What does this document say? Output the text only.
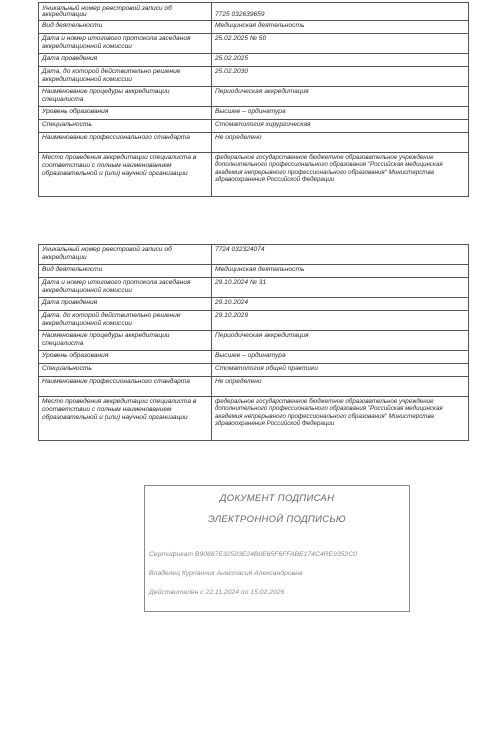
Уникальный номер реестровой записи об аккредитации	7725 032639659
Вид деятельности	Медицинская деятельность
Дата и номер итогового протокола заседания аккредитационной комиссии	25.02.2025 № 50
Дата проведения	25.02.2025
Дата, до которой действительно решение аккредитационной комиссии	25.02.2030
Наименование процедуры аккредитации специалиста	Периодическая аккредитация
Уровень образования	Высшее – ординатура
Специальность	Стоматология хирургическая
Наименование профессионального стандарта	Не определено
Место проведения аккредитации специалиста в соответствии с полным наименованием образовательной и (или) научной организации	федеральное государственное бюджетное образовательное учреждение дополнительного профессионального образования "Российская медицинская академия непрерывного профессионального образования" Министерства здравоохранения Российской Федерации
Уникальный номер реестровой записи об аккредитации	7724 032324074
Вид деятельности	Медицинская деятельность
Дата и номер итогового протокола заседания аккредитационной комиссии	29.10.2024 № 31
Дата проведения	29.10.2024
Дата, до которой действительно решение аккредитационной комиссии	29.10.2029
Наименование процедуры аккредитации специалиста	Периодическая аккредитация
Уровень образования	Высшее – ординатура
Специальность	Стоматология общей практики
Наименование профессионального стандарта	Не определено
Место проведения аккредитации специалиста в соответствии с полным наименованием образовательной и (или) научной организации	федеральное государственное бюджетное образовательное учреждение дополнительного профессионального образования "Российская медицинская академия непрерывного профессионального образования" Министерства здравоохранения Российской Федерации
ДОКУМЕНТ ПОДПИСАН
ЭЛЕКТРОННОЙ ПОДПИСЬЮ
Сертификат B90687E32523E24B0E65F6FFABE174C4RE9352C0
Владелец Курпанчик Анастасия Александровна
Действителен с 22.11.2024 по 15.02.2026
